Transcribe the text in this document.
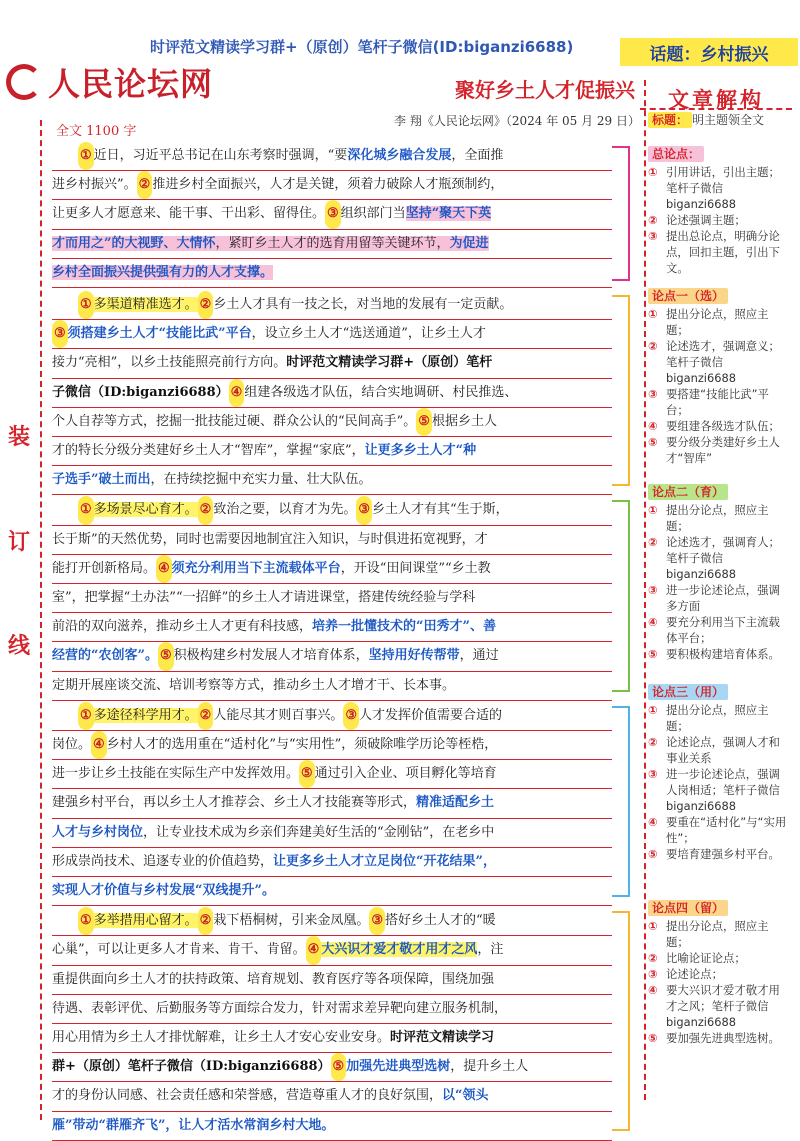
时评范文精读学习群+（原创）笔杆子微信(ID:biganzi6688)	话题：乡村振兴
人民论坛网	聚好乡土人才促振兴
李 翔《人民论坛网》（2024 年 05 月 29 日）
全文 1100 字
装
订
线
① 近日，习近平总书记在山东考察时强调，“要深化城乡融合发展，全面推
进乡村振兴”。 ② 推进乡村全面振兴，人才是关键，须着力破除人才瓶颈制约，
让更多人才愿意来、能干事、干出彩、留得住。 ③ 组织部门当坚持“聚天下英
才而用之”的大视野、大情怀，紧盯乡土人才的选育用留等关键环节，为促进
乡村全面振兴提供强有力的人才支撑。
① 多渠道精准选才。 ② 乡土人才具有一技之长，对当地的发展有一定贡献。
③ 须搭建乡土人才“技能比武”平台，设立乡土人才“选送通道”，让乡土人才
接力“亮相”，以乡土技能照亮前行方向。时评范文精读学习群+（原创）笔杆
子微信（ID:biganzi6688） ④ 组建各级选才队伍，结合实地调研、村民推选、
个人自荐等方式，挖掘一批技能过硬、群众公认的“民间高手”。 ⑤ 根据乡土人
才的特长分级分类建好乡土人才“智库”，掌握“家底”，让更多乡土人才“种
子选手”破土而出，在持续挖掘中充实力量、壮大队伍。
① 多场景尽心育才。 ② 致治之要，以育才为先。 ③ 乡土人才有其“生于斯，
长于斯”的天然优势，同时也需要因地制宜注入知识，与时俱进拓宽视野，才
能打开创新格局。 ④ 须充分利用当下主流载体平台，开设“田间课堂”“乡土教
室”，把掌握“土办法”“一招鲜”的乡土人才请进课堂，搭建传统经验与学科
前沿的双向滋养，推动乡土人才更有科技感，培养一批懂技术的“田秀才”、善
经营的“农创客”。 ⑤ 积极构建乡村发展人才培育体系，坚持用好传帮带，通过
定期开展座谈交流、培训考察等方式，推动乡土人才增才干、长本事。
① 多途径科学用才。 ② 人能尽其才则百事兴。 ③ 人才发挥价值需要合适的
岗位。 ④ 乡村人才的选用重在“适村化”与“实用性”，须破除唯学历论等桎梏，
进一步让乡土技能在实际生产中发挥效用。 ⑤ 通过引入企业、项目孵化等培育
建强乡村平台，再以乡土人才推荐会、乡土人才技能赛等形式，精准适配乡土
人才与乡村岗位，让专业技术成为乡亲们奔建美好生活的“金刚钻”，在老乡中
形成崇尚技术、追逐专业的价值趋势，让更多乡土人才立足岗位“开花结果”，
实现人才价值与乡村发展“双线提升”。
① 多举措用心留才。 ② 栽下梧桐树，引来金凤凰。 ③ 搭好乡土人才的“暖
心巢”，可以让更多人才肯来、肯干、肯留。 ④ 大兴识才爱才敬才用才之风，注
重提供面向乡土人才的扶持政策、培育规划、教育医疗等各项保障，围绕加强
待遇、表彰评优、后勤服务等方面综合发力，针对需求差异靶向建立服务机制，
用心用情为乡土人才排忧解难，让乡土人才安心安业安身。时评范文精读学习
群+（原创）笔杆子微信（ID:biganzi6688） ⑤ 加强先进典型选树，提升乡土人
才的身份认同感、社会责任感和荣誉感，营造尊重人才的良好氛围，以“领头
雁”带动“群雁齐飞”，让人才活水常润乡村大地。
文章解构
标题： 明主题领全文
总论点：
① 引用讲话，引出主题；笔杆子微信 biganzi6688
② 论述强调主题；
③ 提出总论点，明确分论点，回扣主题，引出下文。
论点一（选）
① 提出分论点，照应主题；
② 论述选才，强调意义；笔杆子微信 biganzi6688
③ 要搭建“技能比武”平台；
④ 要组建各级选才队伍；
⑤ 要分级分类建好乡土人才“智库”
论点二（育）
① 提出分论点，照应主题；
② 论述选才，强调育人；笔杆子微信 biganzi6688
③ 进一步论述论点，强调多方面
④ 要充分利用当下主流载体平台；
⑤ 要积极构建培育体系。
论点三（用）
① 提出分论点，照应主题；
② 论述论点，强调人才和事业关系
③ 进一步论述论点，强调人岗相适；笔杆子微信 biganzi6688
④ 要重在“适村化”与“实用性”；
⑤ 要培育建强乡村平台。
论点四（留）
① 提出分论点，照应主题；
② 比喻论证论点；
③ 论述论点；
④ 要大兴识才爱才敬才用才之风；笔杆子微信 biganzi6688
⑤ 要加强先进典型选树。
